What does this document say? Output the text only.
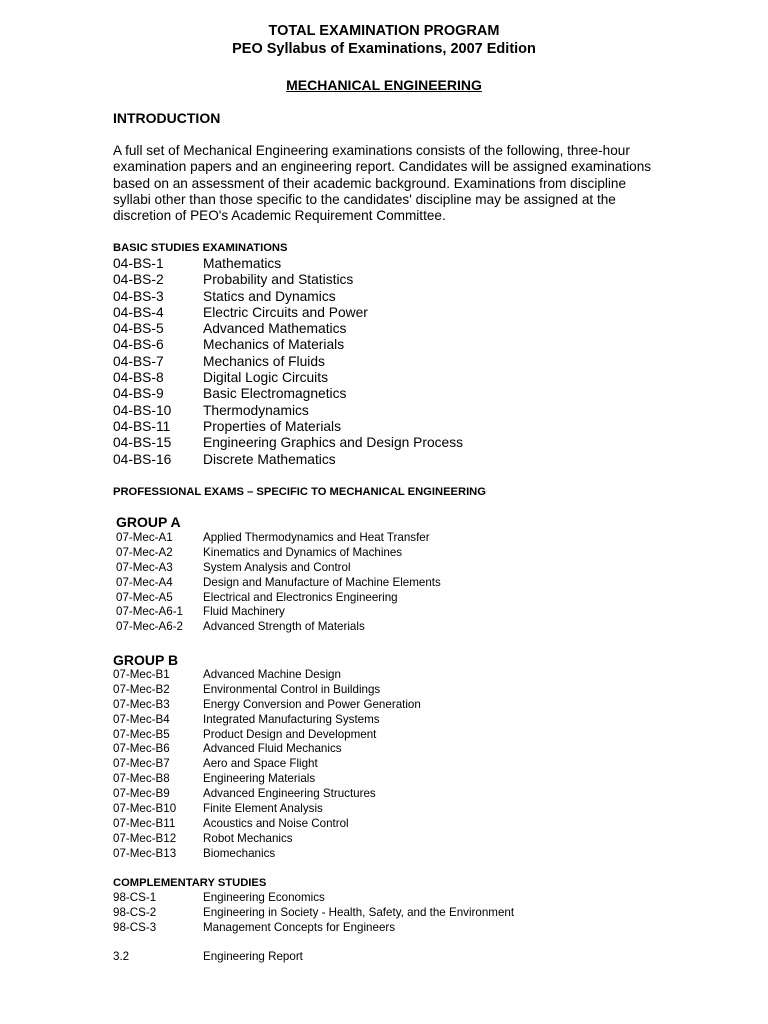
TOTAL EXAMINATION PROGRAM
PEO Syllabus of Examinations, 2007 Edition
MECHANICAL ENGINEERING
INTRODUCTION
A full set of Mechanical Engineering examinations consists of the following, three-hour examination papers and an engineering report. Candidates will be assigned examinations based on an assessment of their academic background. Examinations from discipline syllabi other than those specific to the candidates' discipline may be assigned at the discretion of PEO's Academic Requirement Committee.
BASIC STUDIES EXAMINATIONS
04-BS-1	Mathematics
04-BS-2	Probability and Statistics
04-BS-3	Statics and Dynamics
04-BS-4	Electric Circuits and Power
04-BS-5	Advanced Mathematics
04-BS-6	Mechanics of Materials
04-BS-7	Mechanics of Fluids
04-BS-8	Digital Logic Circuits
04-BS-9	Basic Electromagnetics
04-BS-10 Thermodynamics
04-BS-11 Properties of Materials
04-BS-15 Engineering Graphics and Design Process
04-BS-16 Discrete Mathematics
PROFESSIONAL EXAMS – SPECIFIC TO MECHANICAL ENGINEERING
GROUP A
07-Mec-A1	Applied Thermodynamics and Heat Transfer
07-Mec-A2	Kinematics and Dynamics of Machines
07-Mec-A3	System Analysis and Control
07-Mec-A4	Design and Manufacture of Machine Elements
07-Mec-A5	Electrical and Electronics Engineering
07-Mec-A6-1 Fluid Machinery
07-Mec-A6-2 Advanced Strength of Materials
GROUP B
07-Mec-B1	Advanced Machine Design
07-Mec-B2	Environmental Control in Buildings
07-Mec-B3	Energy Conversion and Power Generation
07-Mec-B4	Integrated Manufacturing Systems
07-Mec-B5	Product Design and Development
07-Mec-B6	Advanced Fluid Mechanics
07-Mec-B7	Aero and Space Flight
07-Mec-B8	Engineering Materials
07-Mec-B9	Advanced Engineering Structures
07-Mec-B10 Finite Element Analysis
07-Mec-B11 Acoustics and Noise Control
07-Mec-B12 Robot Mechanics
07-Mec-B13 Biomechanics
COMPLEMENTARY STUDIES
98-CS-1	Engineering Economics
98-CS-2	Engineering in Society - Health, Safety, and the Environment
98-CS-3	Management Concepts for Engineers
3.2	Engineering Report
